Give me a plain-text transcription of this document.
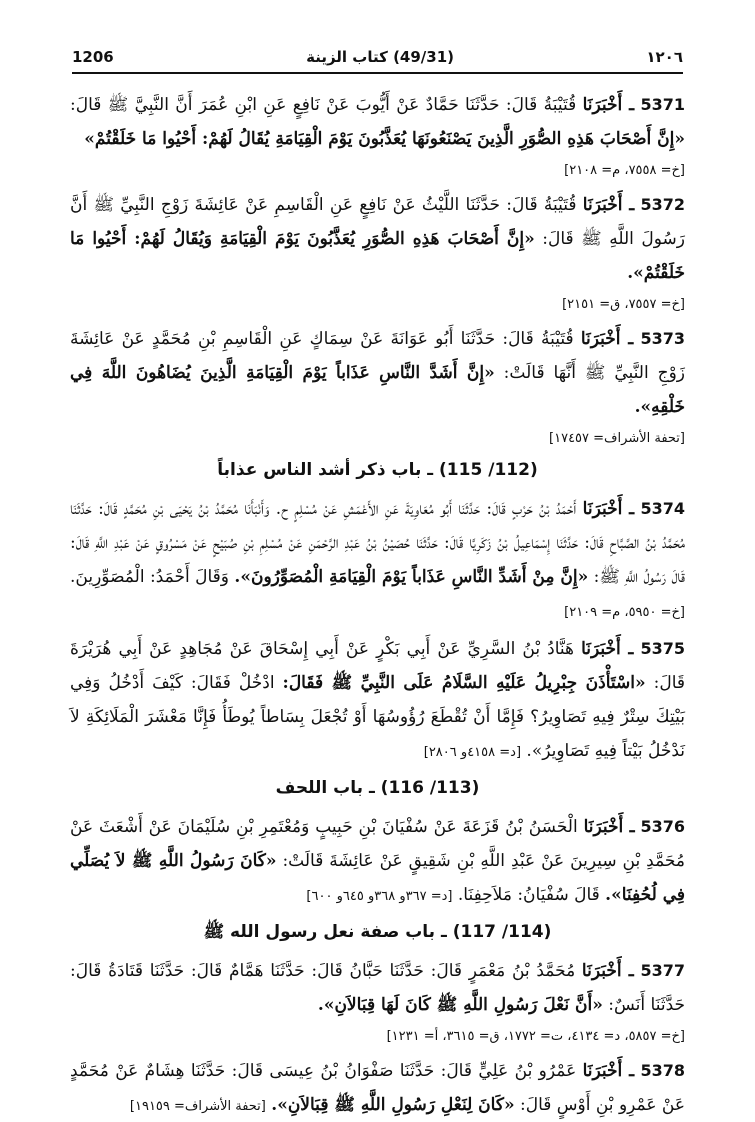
1206	(49/31) كتاب الزينة	١٢٠٦
5371 ـ أَخْبَرَنَا قُتَيْبَةُ قَالَ: حَدَّثَنَا حَمَّادٌ عَنْ أَيُّوبَ عَنْ نَافِعٍ عَنِ ابْنِ عُمَرَ أَنَّ النَّبِيَّ ﷺ قَالَ: «إِنَّ أَصْحَابَ هَذِهِ الصُّوَرِ الَّذِينَ يَصْنَعُونَهَا يُعَذَّبُونَ يَوْمَ الْقِيَامَةِ يُقَالُ لَهُمْ: أَحْيُوا مَا خَلَقْتُمْ»
[خ= ٧٥٥٨، م= ٢١٠٨]
5372 ـ أَخْبَرَنَا قُتَيْبَةُ قَالَ: حَدَّثَنَا اللَّيْثُ عَنْ نَافِعٍ عَنِ الْقَاسِمِ عَنْ عَائِشَةَ زَوْجِ النَّبِيِّ ﷺ أَنَّ رَسُولَ اللَّهِ ﷺ قَالَ: «إِنَّ أَصْحَابَ هَذِهِ الصُّوَرِ يُعَذَّبُونَ يَوْمَ الْقِيَامَةِ وَيُقَالُ لَهُمْ: أَحْيُوا مَا خَلَقْتُمْ».
[خ= ٧٥٥٧، ق= ٢١٥١]
5373 ـ أَخْبَرَنَا قُتَيْبَةُ قَالَ: حَدَّثَنَا أَبُو عَوَانَةَ عَنْ سِمَاكٍ عَنِ الْقَاسِمِ بْنِ مُحَمَّدٍ عَنْ عَائِشَةَ زَوْجِ النَّبِيِّ ﷺ أَنَّهَا قَالَتْ: «إِنَّ أَشَدَّ النَّاسِ عَذَاباً يَوْمَ الْقِيَامَةِ الَّذِينَ يُضَاهُونَ اللَّهَ فِي خَلْقِهِ».
[تحفة الأشراف= ١٧٤٥٧]
(112/ 115) ـ باب ذكر أشد الناس عذاباً
5374 ـ أَخْبَرَنَا أَحْمَدُ بْنُ حَرْبٍ قَالَ: حَدَّثَنَا أَبُو مُعَاوِيَةَ عَنِ الأَعْمَشِ عَنْ مُسْلِمٍ ح. وَأَنْبَأَنَا مُحَمَّدُ بْنُ يَحْيَى بْنِ مُحَمَّدٍ قَالَ: حَدَّثَنَا مُحَمَّدُ بْنُ الصَّبَّاحِ قَالَ: حَدَّثَنَا إِسْمَاعِيلُ بْنُ زَكَرِيَّا قَالَ: حَدَّثَنَا حُصَيْنُ بْنُ عَبْدِ الرَّحْمَنِ عَنْ مُسْلِمِ بْنِ صُبَيْحٍ عَنْ مَسْرُوقٍ عَنْ عَبْدِ اللَّهِ قَالَ: قَالَ رَسُولُ اللَّهِ ﷺ: «إِنَّ مِنْ أَشَدِّ النَّاسِ عَذَاباً يَوْمَ الْقِيَامَةِ الْمُصَوِّرُونَ». وَقَالَ أَحْمَدُ: الْمُصَوِّرِينَ. [خ= ٥٩٥٠، م= ٢١٠٩]
5375 ـ أَخْبَرَنَا هَنَّادُ بْنُ السَّرِيِّ عَنْ أَبِي بَكْرٍ عَنْ أَبِي إِسْحَاقَ عَنْ مُجَاهِدٍ عَنْ أَبِي هُرَيْرَةَ قَالَ: «اسْتَأْذَنَ جِبْرِيلُ عَلَيْهِ السَّلَامُ عَلَى النَّبِيِّ ﷺ فَقَالَ: ادْخُلْ فَقَالَ: كَيْفَ أَدْخُلُ وَفِي بَيْتِكَ سِتْرٌ فِيهِ تَصَاوِيرُ؟ فَإِمَّا أَنْ تُقْطَعَ رُؤُوسُهَا أَوْ تُجْعَلَ بِسَاطاً يُوطَأُ فَإِنَّا مَعْشَرَ الْمَلَائِكَةِ لاَ نَدْخُلُ بَيْتاً فِيهِ تَصَاوِيرُ». [د= ٤١٥٨و ٢٨٠٦]
(113/ 116) ـ باب اللحف
5376 ـ أَخْبَرَنَا الْحَسَنُ بْنُ قَزَعَةَ عَنْ سُفْيَانَ بْنِ حَبِيبٍ وَمُعْتَمِرِ بْنِ سُلَيْمَانَ عَنْ أَشْعَثَ عَنْ مُحَمَّدِ بْنِ سِيرِينَ عَنْ عَبْدِ اللَّهِ بْنِ شَقِيقٍ عَنْ عَائِشَةَ قَالَتْ: «كَانَ رَسُولُ اللَّهِ ﷺ لاَ يُصَلِّي فِي لُحُفِنَا». قَالَ سُفْيَانُ: مَلاَحِفِنَا. [د= ٣٦٧و ٣٦٨و ٦٤٥و ٦٠٠]
(114/ 117) ـ باب صفة نعل رسول الله ﷺ
5377 ـ أَخْبَرَنَا مُحَمَّدُ بْنُ مَعْمَرٍ قَالَ: حَدَّثَنَا حَبَّانُ قَالَ: حَدَّثَنَا هَمَّامٌ قَالَ: حَدَّثَنَا قَتَادَةُ قَالَ: حَدَّثَنَا أَنَسٌ: «أَنَّ نَعْلَ رَسُولِ اللَّهِ ﷺ كَانَ لَهَا قِبَالاَنِ».
[خ= ٥٨٥٧، د= ٤١٣٤، ت= ١٧٧٢، ق= ٣٦١٥، أ= ١٢٣١]
5378 ـ أَخْبَرَنَا عَمْرُو بْنُ عَلِيٍّ قَالَ: حَدَّثَنَا صَفْوَانُ بْنُ عِيسَى قَالَ: حَدَّثَنَا هِشَامٌ عَنْ مُحَمَّدٍ عَنْ عَمْرِو بْنِ أَوْسٍ قَالَ: «كَانَ لِنَعْلِ رَسُولِ اللَّهِ ﷺ قِبَالاَنِ». [تحفة الأشراف= ١٩١٥٩]
